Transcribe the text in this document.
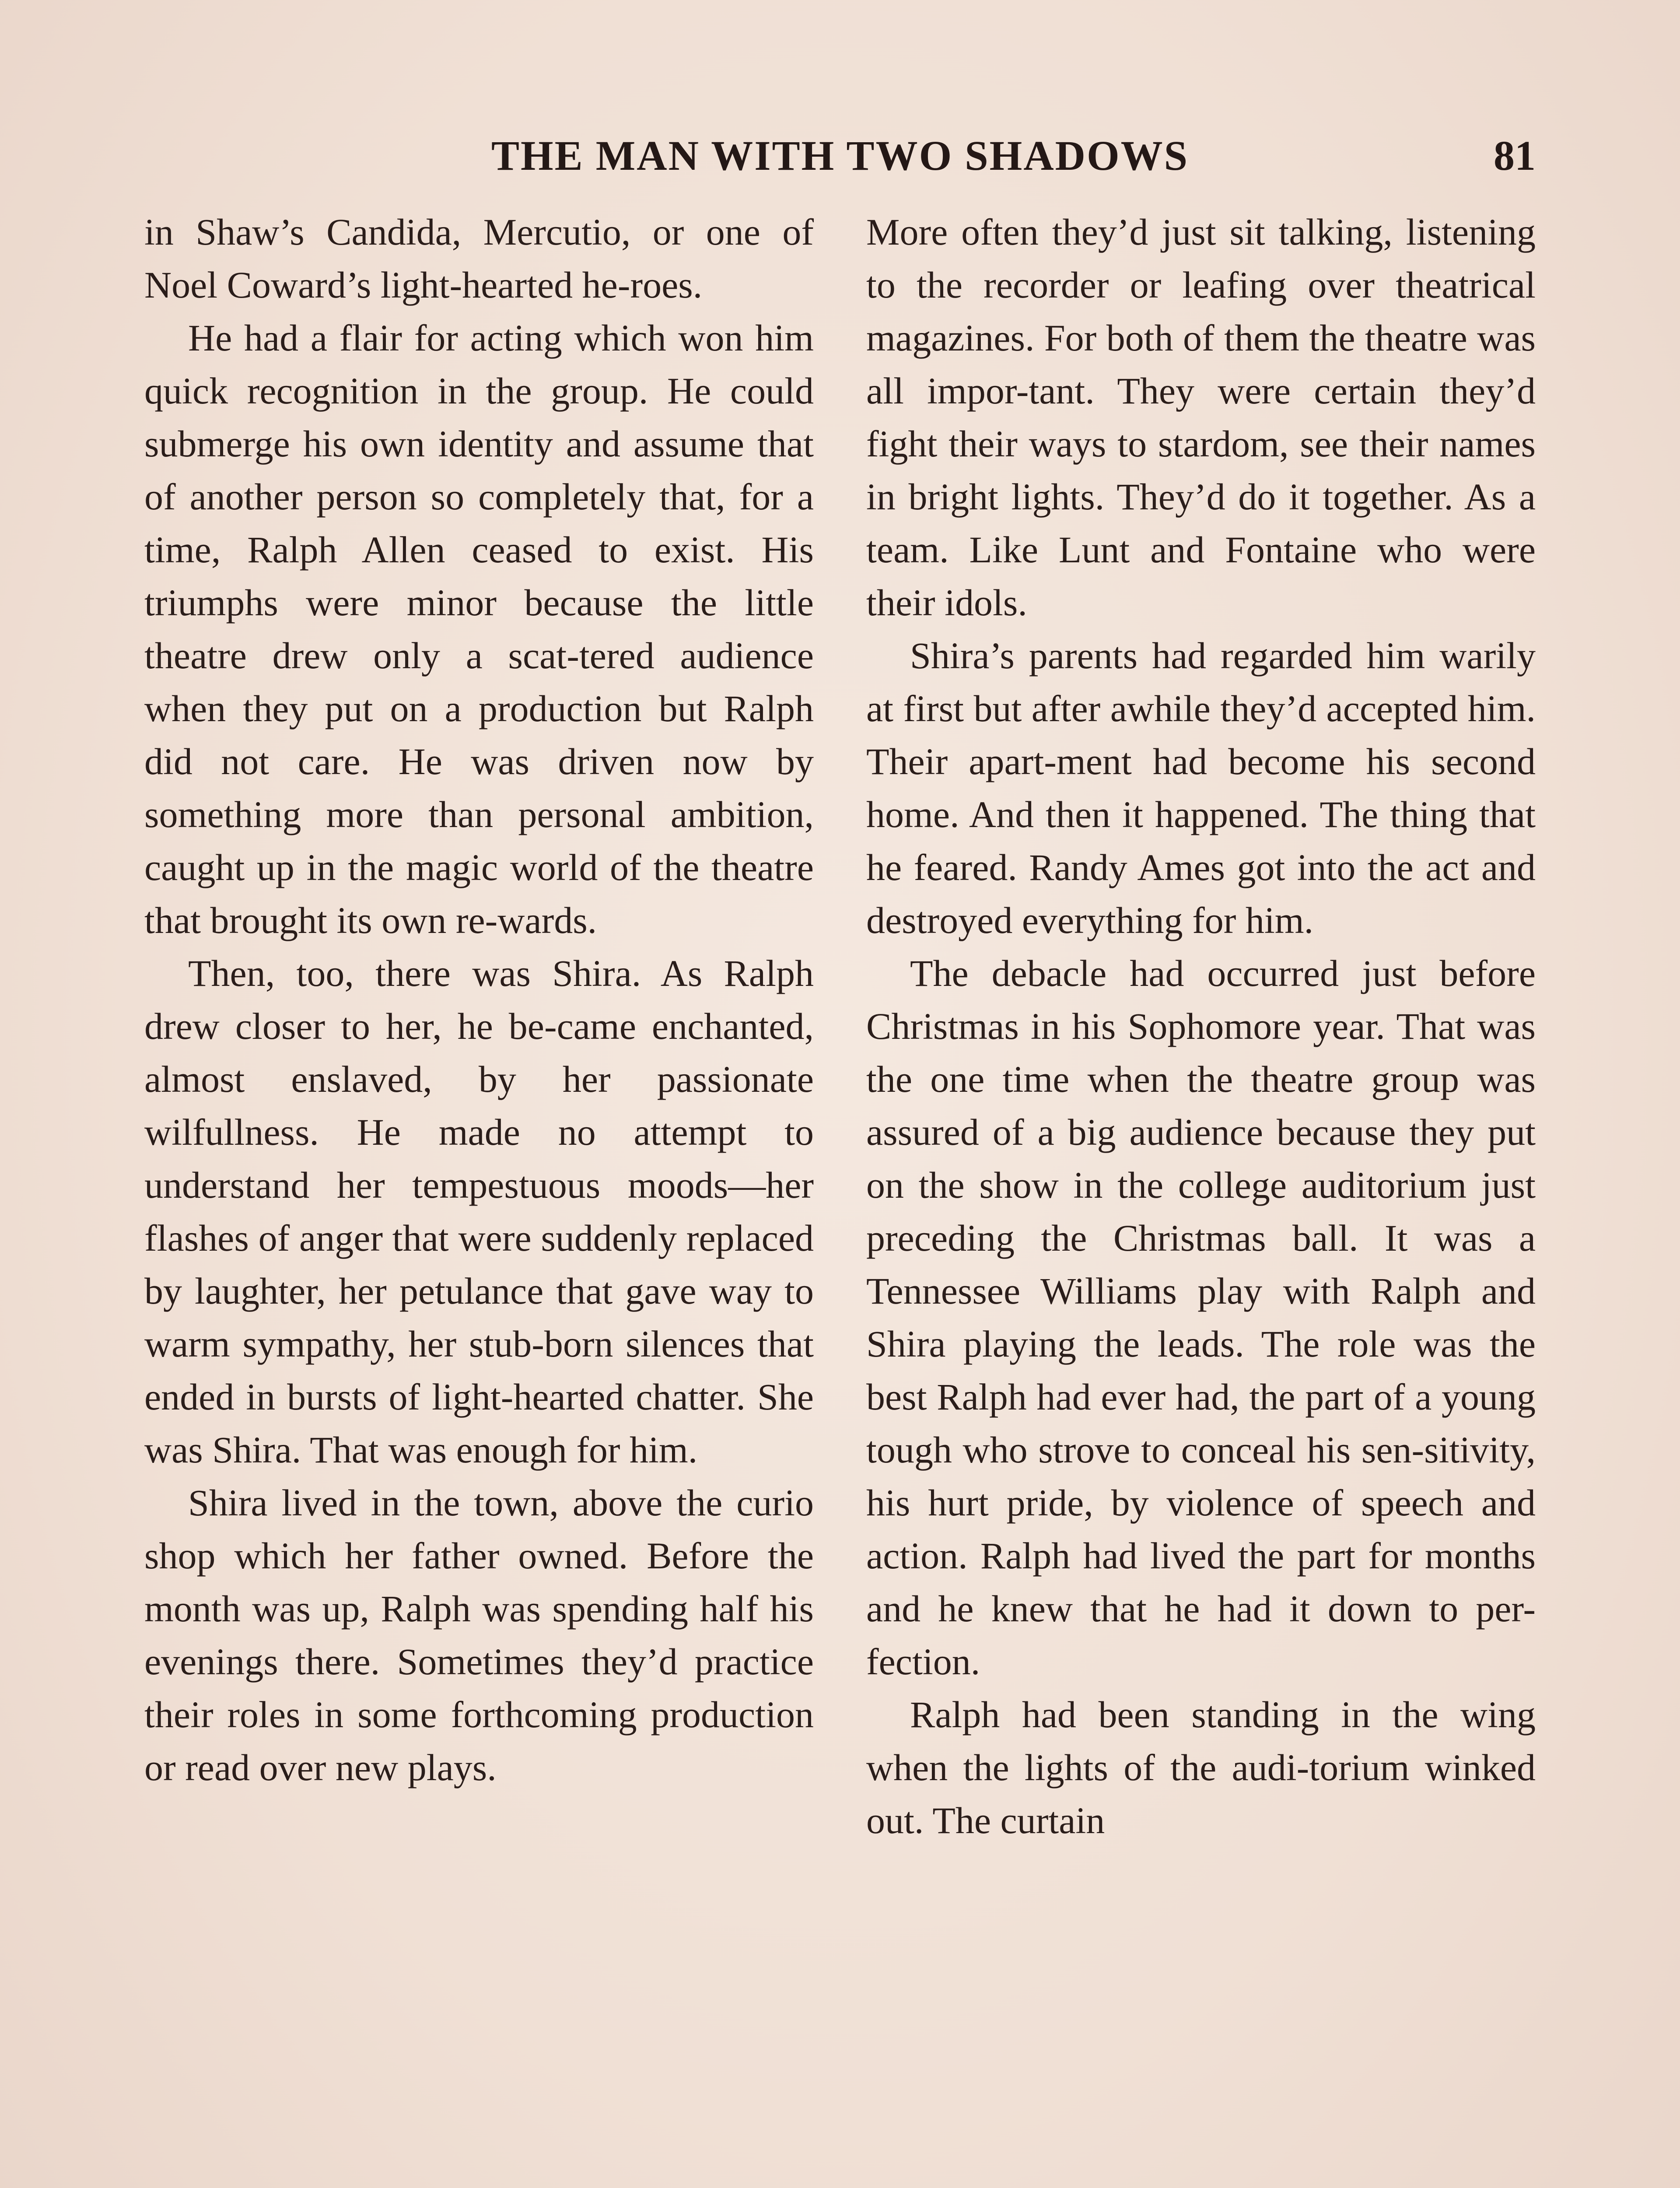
THE MAN WITH TWO SHADOWS	81

in Shaw’s Candida, Mercutio, or one of Noel Coward’s light-hearted he-roes.

He had a flair for acting which won him quick recognition in the group. He could submerge his own identity and assume that of another person so completely that, for a time, Ralph Allen ceased to exist. His triumphs were minor because the little theatre drew only a scat-tered audience when they put on a production but Ralph did not care. He was driven now by something more than personal ambition, caught up in the magic world of the theatre that brought its own re-wards.

Then, too, there was Shira. As Ralph drew closer to her, he be-came enchanted, almost enslaved, by her passionate wilfullness. He made no attempt to understand her tempestuous moods—her flashes of anger that were suddenly replaced by laughter, her petulance that gave way to warm sympathy, her stub-born silences that ended in bursts of light-hearted chatter. She was Shira. That was enough for him.

Shira lived in the town, above the curio shop which her father owned. Before the month was up, Ralph was spending half his evenings there. Sometimes they’d practice their roles in some forthcoming production or read over new plays.

More often they’d just sit talking, listening to the recorder or leafing over theatrical magazines. For both of them the theatre was all impor-tant. They were certain they’d fight their ways to stardom, see their names in bright lights. They’d do it together. As a team. Like Lunt and Fontaine who were their idols.

Shira’s parents had regarded him warily at first but after awhile they’d accepted him. Their apart-ment had become his second home. And then it happened. The thing that he feared. Randy Ames got into the act and destroyed everything for him.

The debacle had occurred just before Christmas in his Sophomore year. That was the one time when the theatre group was assured of a big audience because they put on the show in the college auditorium just preceding the Christmas ball. It was a Tennessee Williams play with Ralph and Shira playing the leads. The role was the best Ralph had ever had, the part of a young tough who strove to conceal his sen-sitivity, his hurt pride, by violence of speech and action. Ralph had lived the part for months and he knew that he had it down to per-fection.

Ralph had been standing in the wing when the lights of the audi-torium winked out. The curtain
